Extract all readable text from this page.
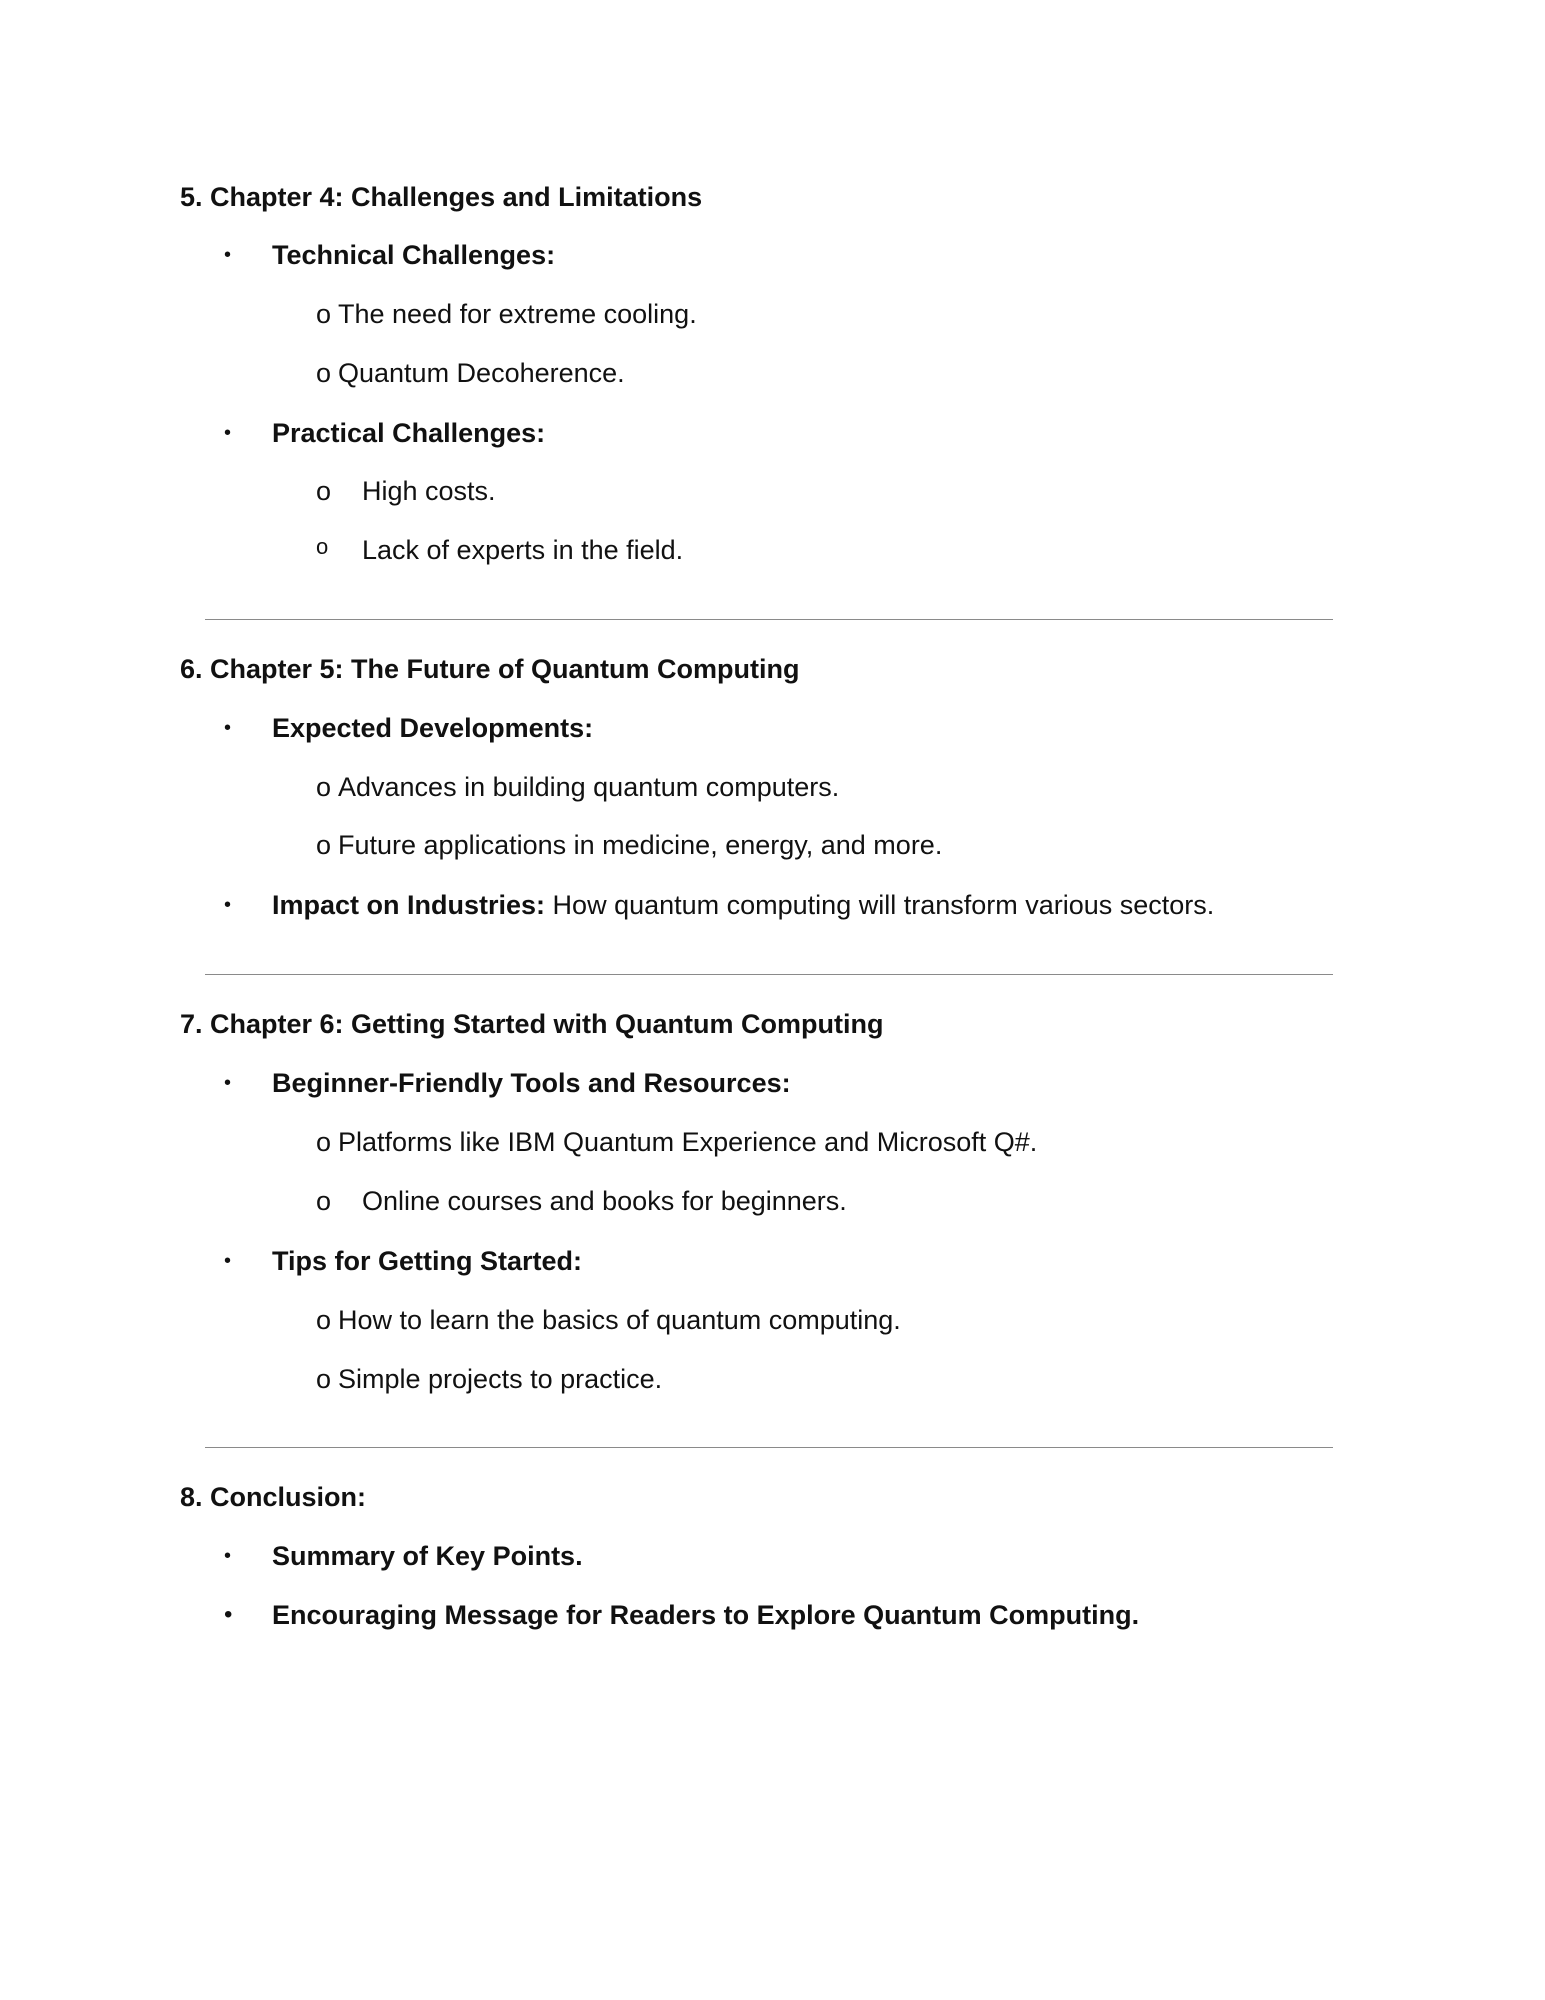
5. Chapter 4: Challenges and Limitations
• Technical Challenges:
o The need for extreme cooling.
o Quantum Decoherence.
• Practical Challenges:
o High costs.
o Lack of experts in the field.
6. Chapter 5: The Future of Quantum Computing
• Expected Developments:
o Advances in building quantum computers.
o Future applications in medicine, energy, and more.
• Impact on Industries: How quantum computing will transform various sectors.
7. Chapter 6: Getting Started with Quantum Computing
• Beginner-Friendly Tools and Resources:
o Platforms like IBM Quantum Experience and Microsoft Q#.
o Online courses and books for beginners.
• Tips for Getting Started:
o How to learn the basics of quantum computing.
o Simple projects to practice.
8. Conclusion:
• Summary of Key Points.
• Encouraging Message for Readers to Explore Quantum Computing.
